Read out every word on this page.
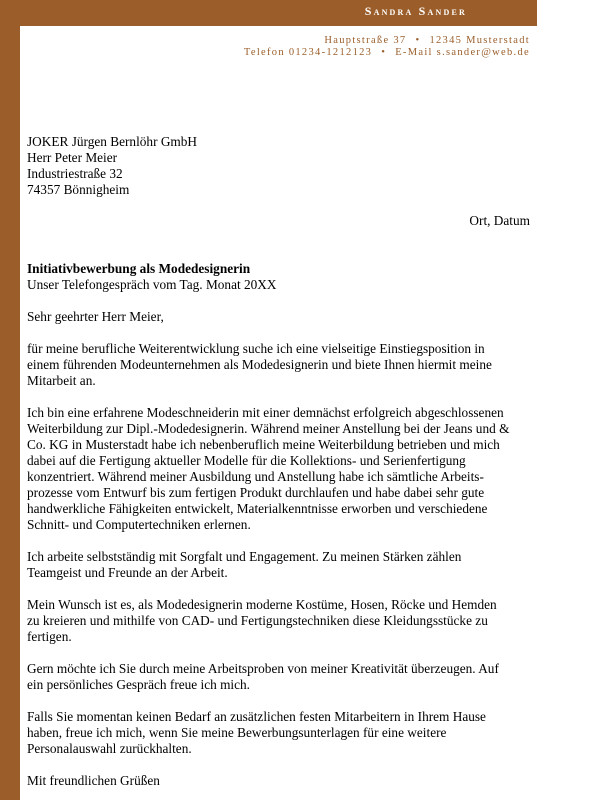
Sandra Sander
Hauptstraße 37 • 12345 Musterstadt
Telefon 01234-1212123 • E-Mail s.sander@web.de
JOKER Jürgen Bernlöhr GmbH
Herr Peter Meier
Industriestraße 32
74357 Bönnigheim
Ort, Datum
Initiativbewerbung als Modedesignerin
Unser Telefongespräch vom Tag. Monat 20XX
Sehr geehrter Herr Meier,
für meine berufliche Weiterentwicklung suche ich eine vielseitige Einstiegsposition in
einem führenden Modeunternehmen als Modedesignerin und biete Ihnen hiermit meine
Mitarbeit an.
Ich bin eine erfahrene Modeschneiderin mit einer demnächst erfolgreich abgeschlossenen
Weiterbildung zur Dipl.-Modedesignerin. Während meiner Anstellung bei der Jeans und &
Co. KG in Musterstadt habe ich nebenberuflich meine Weiterbildung betrieben und mich
dabei auf die Fertigung aktueller Modelle für die Kollektions- und Serienfertigung
konzentriert. Während meiner Ausbildung und Anstellung habe ich sämtliche Arbeits-
prozesse vom Entwurf bis zum fertigen Produkt durchlaufen und habe dabei sehr gute
handwerkliche Fähigkeiten entwickelt, Materialkenntnisse erworben und verschiedene
Schnitt- und Computertechniken erlernen.
Ich arbeite selbstständig mit Sorgfalt und Engagement. Zu meinen Stärken zählen
Teamgeist und Freunde an der Arbeit.
Mein Wunsch ist es, als Modedesignerin moderne Kostüme, Hosen, Röcke und Hemden
zu kreieren und mithilfe von CAD- und Fertigungstechniken diese Kleidungsstücke zu
fertigen.
Gern möchte ich Sie durch meine Arbeitsproben von meiner Kreativität überzeugen. Auf
ein persönliches Gespräch freue ich mich.
Falls Sie momentan keinen Bedarf an zusätzlichen festen Mitarbeitern in Ihrem Hause
haben, freue ich mich, wenn Sie meine Bewerbungsunterlagen für eine weitere
Personalauswahl zurückhalten.
Mit freundlichen Grüßen
